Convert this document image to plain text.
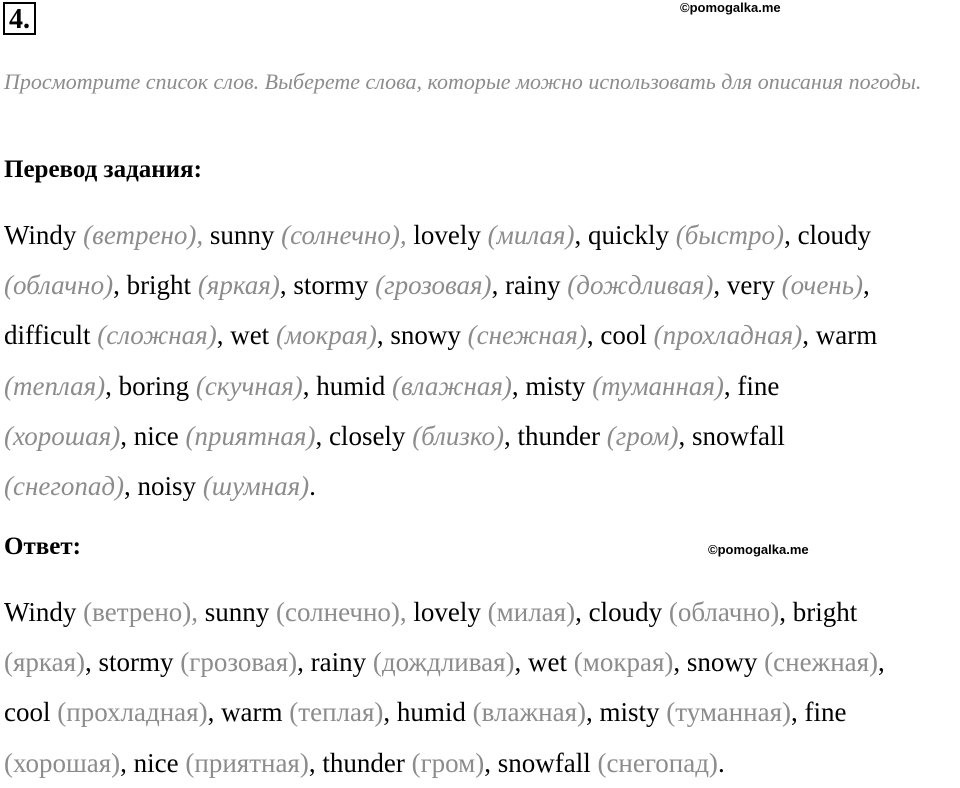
4.	©pomogalka.me
Просмотрите список слов. Выберете слова, которые можно использовать для описания погоды.
Перевод задания:
Windy (ветрено), sunny (солнечно), lovely (милая), quickly (быстро), cloudy
(облачно), bright (яркая), stormy (грозовая), rainy (дождливая), very (очень),
difficult (сложная), wet (мокрая), snowy (снежная), cool (прохладная), warm
(теплая), boring (скучная), humid (влажная), misty (туманная), fine
(хорошая), nice (приятная), closely (близко), thunder (гром), snowfall
(снегопад), noisy (шумная).
Ответ:	©pomogalka.me
Windy (ветрено), sunny (солнечно), lovely (милая), cloudy (облачно), bright
(яркая), stormy (грозовая), rainy (дождливая), wet (мокрая), snowy (снежная),
cool (прохладная), warm (теплая), humid (влажная), misty (туманная), fine
(хорошая), nice (приятная), thunder (гром), snowfall (снегопад).
